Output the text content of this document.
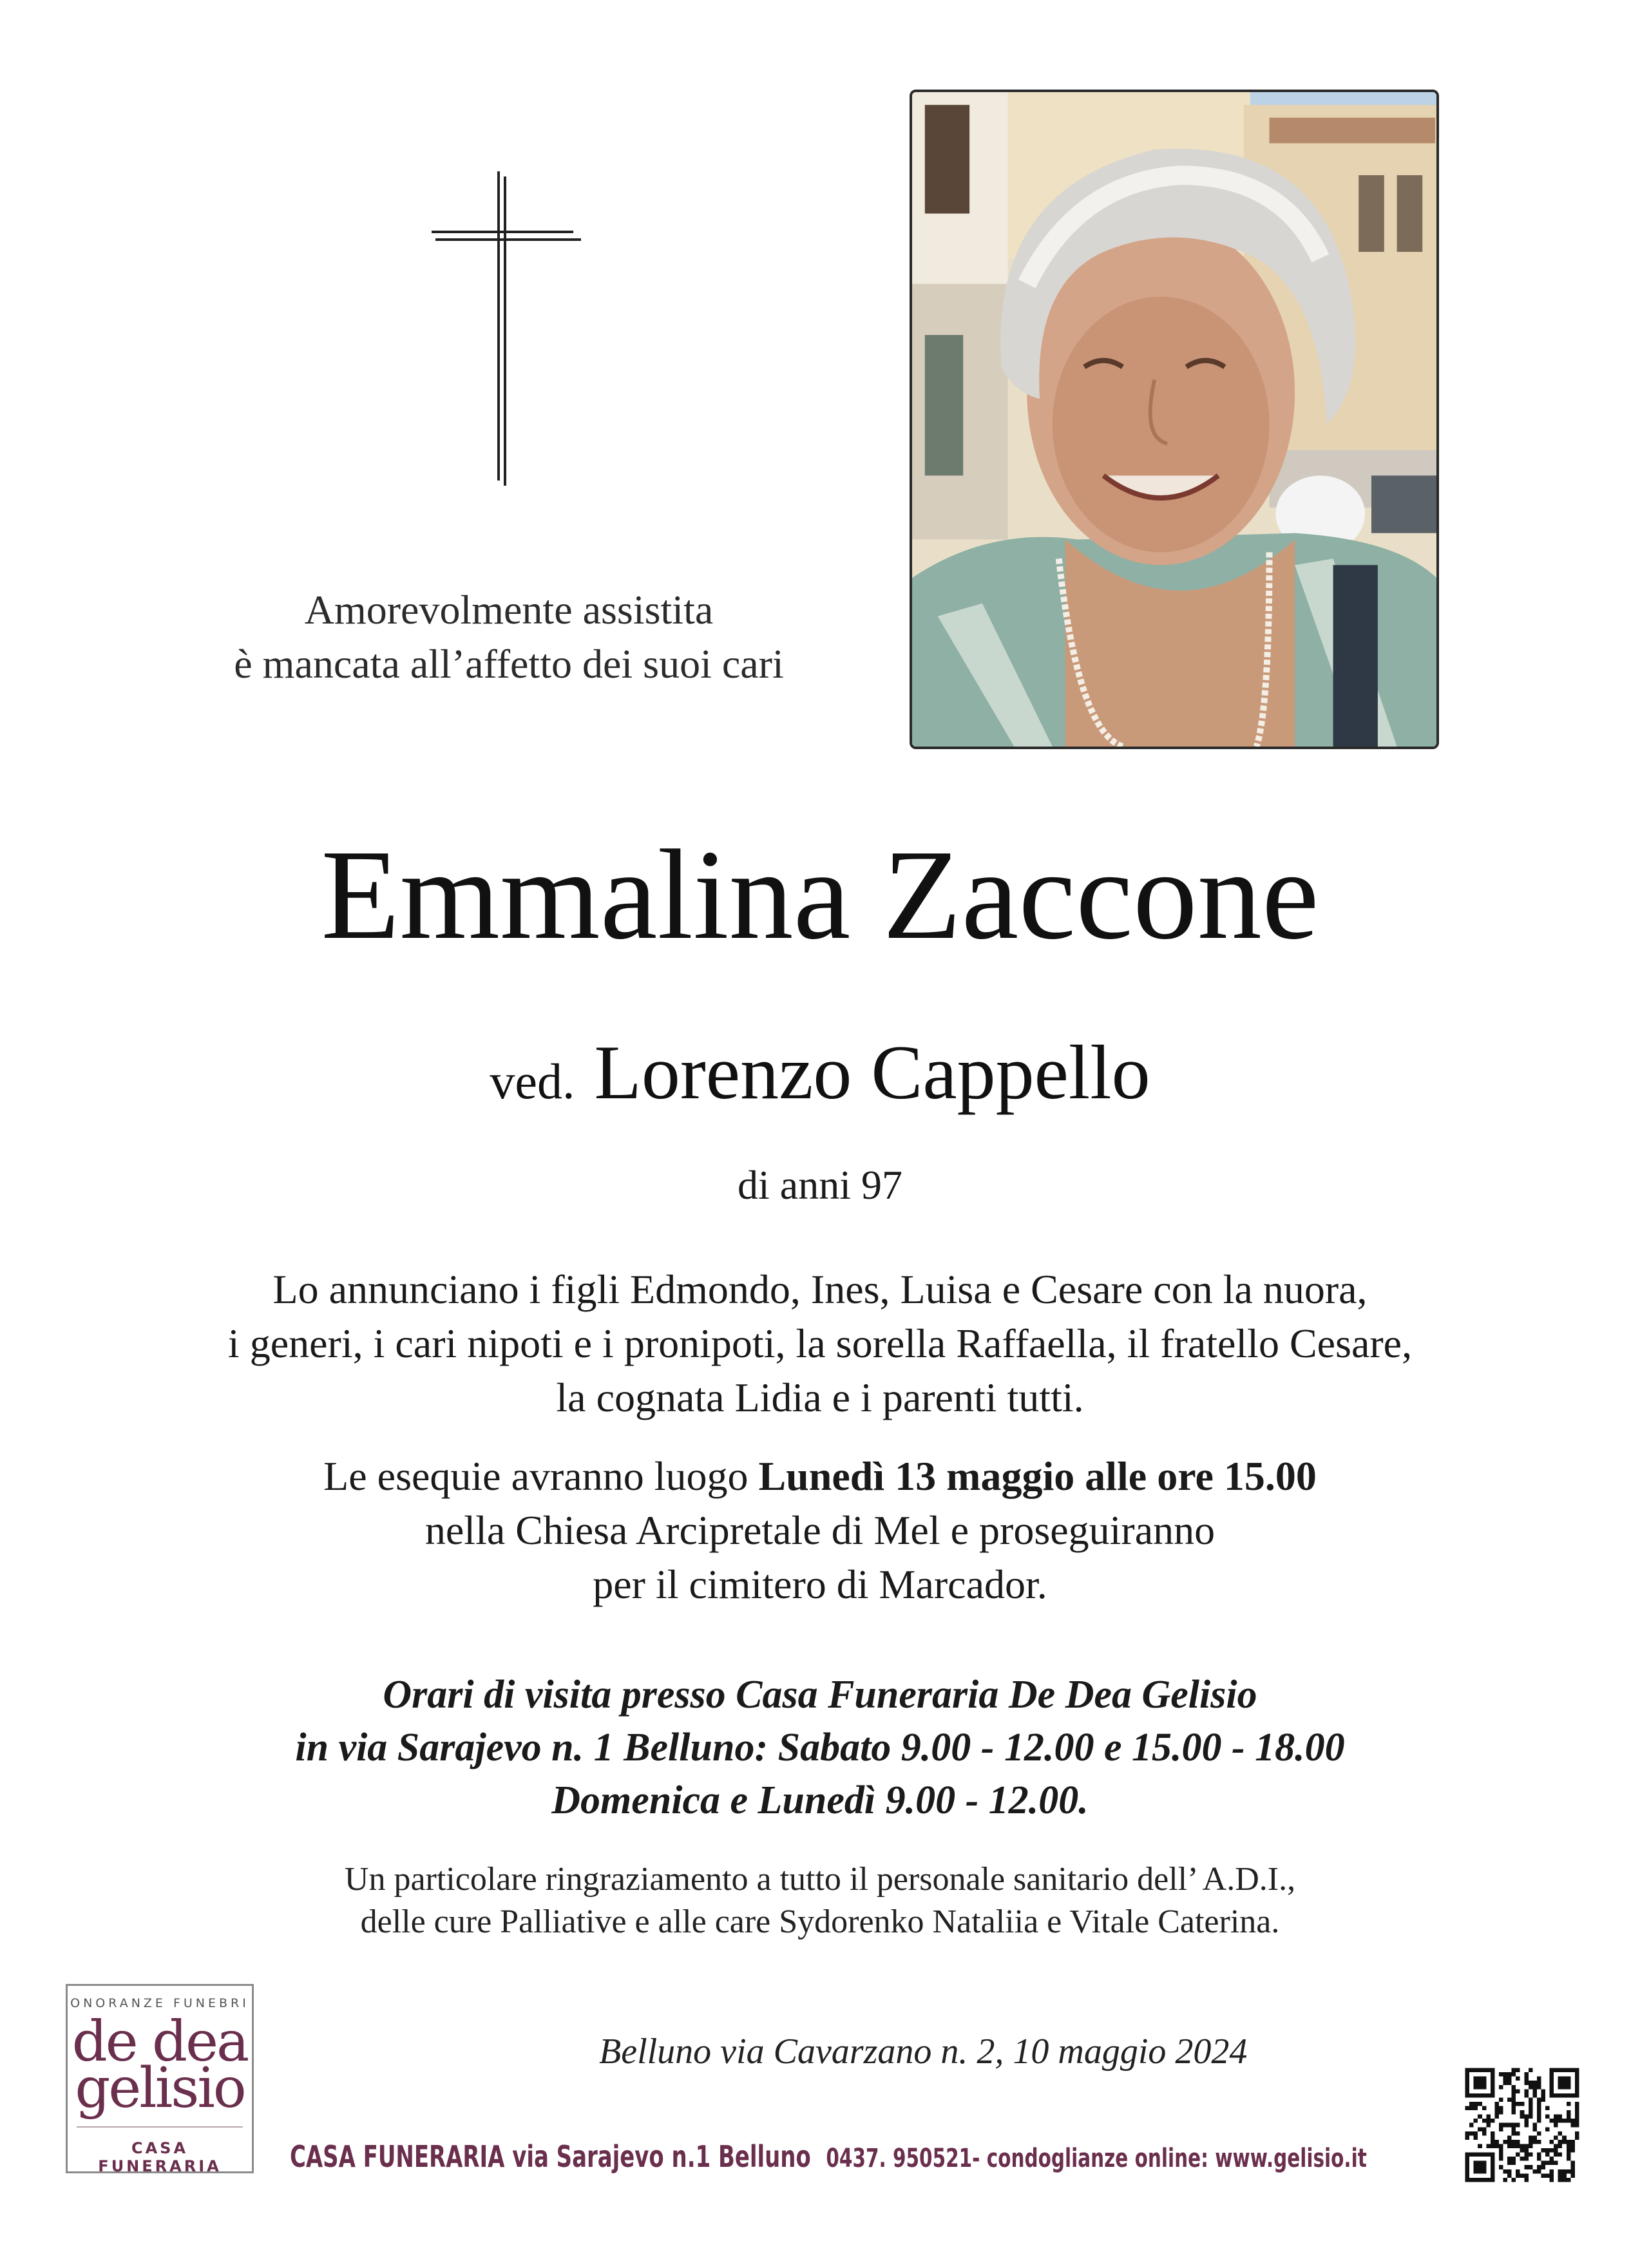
Amorevolmente assistita
è mancata all’affetto dei suoi cari
Emmalina Zaccone
ved. Lorenzo Cappello
di anni 97
Lo annunciano i figli Edmondo, Ines, Luisa e Cesare con la nuora,
i generi, i cari nipoti e i pronipoti, la sorella Raffaella, il fratello Cesare,
la cognata Lidia e i parenti tutti.
Le esequie avranno luogo Lunedì 13 maggio alle ore 15.00
nella Chiesa Arcipretale di Mel e proseguiranno
per il cimitero di Marcador.
Orari di visita presso Casa Funeraria De Dea Gelisio
in via Sarajevo n. 1 Belluno: Sabato 9.00 - 12.00 e 15.00 - 18.00
Domenica e Lunedì 9.00 - 12.00.
Un particolare ringraziamento a tutto il personale sanitario dell’ A.D.I.,
delle cure Palliative e alle care Sydorenko Nataliia e Vitale Caterina.
ONORANZE FUNEBRI
de dea
gelisio
CASA FUNERARIA
Belluno via Cavarzano n. 2, 10 maggio 2024
CASA FUNERARIA via Sarajevo n.1 Belluno 0437. 950521- condoglianze online: www.gelisio.it
